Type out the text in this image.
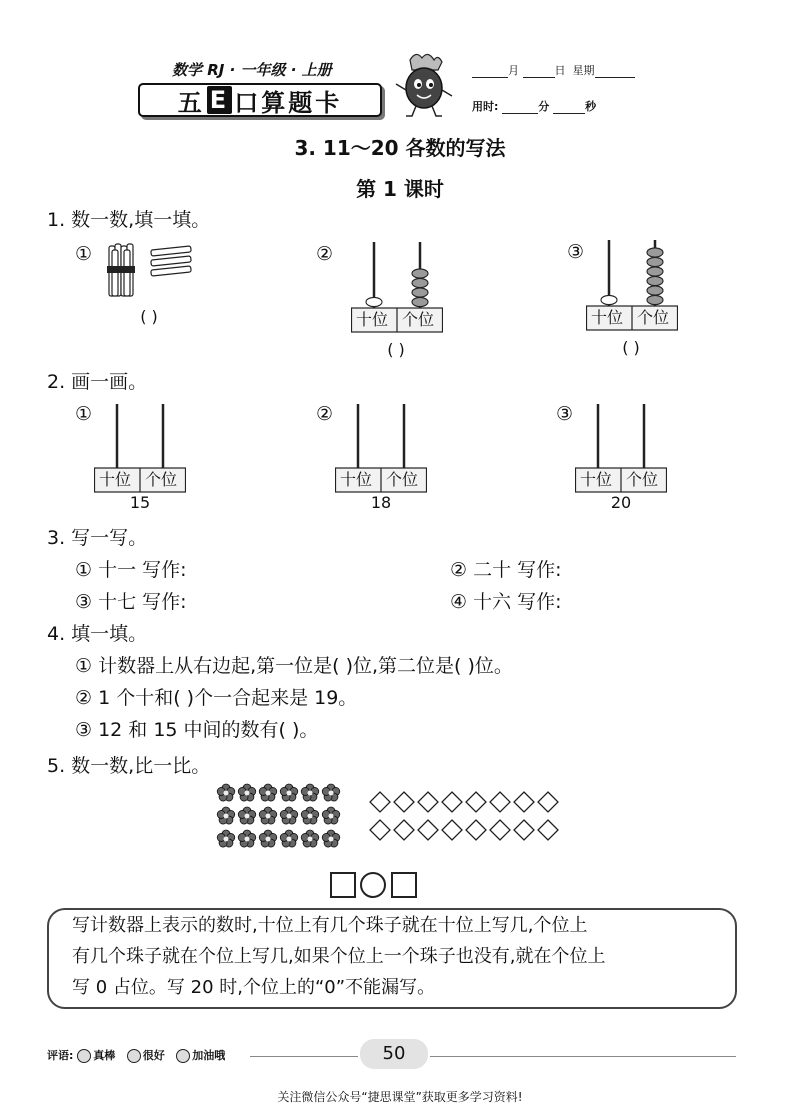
数学 RJ · 一年级 · 上册
五 E 口算题卡
月	日 星期
用时:	分	秒
3. 11～20 各数的写法
第 1 课时
1. 数一数,填一填。
①
( )
②
十位 个位
( )
③
十位 个位
( )
2. 画一画。
①
十位 个位
15
②
十位 个位
18
③
十位 个位
20
3. 写一写。
① 十一 写作:	② 二十 写作:
③ 十七 写作:	④ 十六 写作:
4. 填一填。
① 计数器上从右边起,第一位是( )位,第二位是( )位。
② 1 个十和( )个一合起来是 19。
③ 12 和 15 中间的数有( )。
5. 数一数,比一比。
写计数器上表示的数时,十位上有几个珠子就在十位上写几,个位上
有几个珠子就在个位上写几,如果个位上一个珠子也没有,就在个位上
写 0 占位。写 20 时,个位上的“0”不能漏写。
评语: 真棒	很好	加油哦	50
关注微信公众号“捷思课堂”获取更多学习资料!
